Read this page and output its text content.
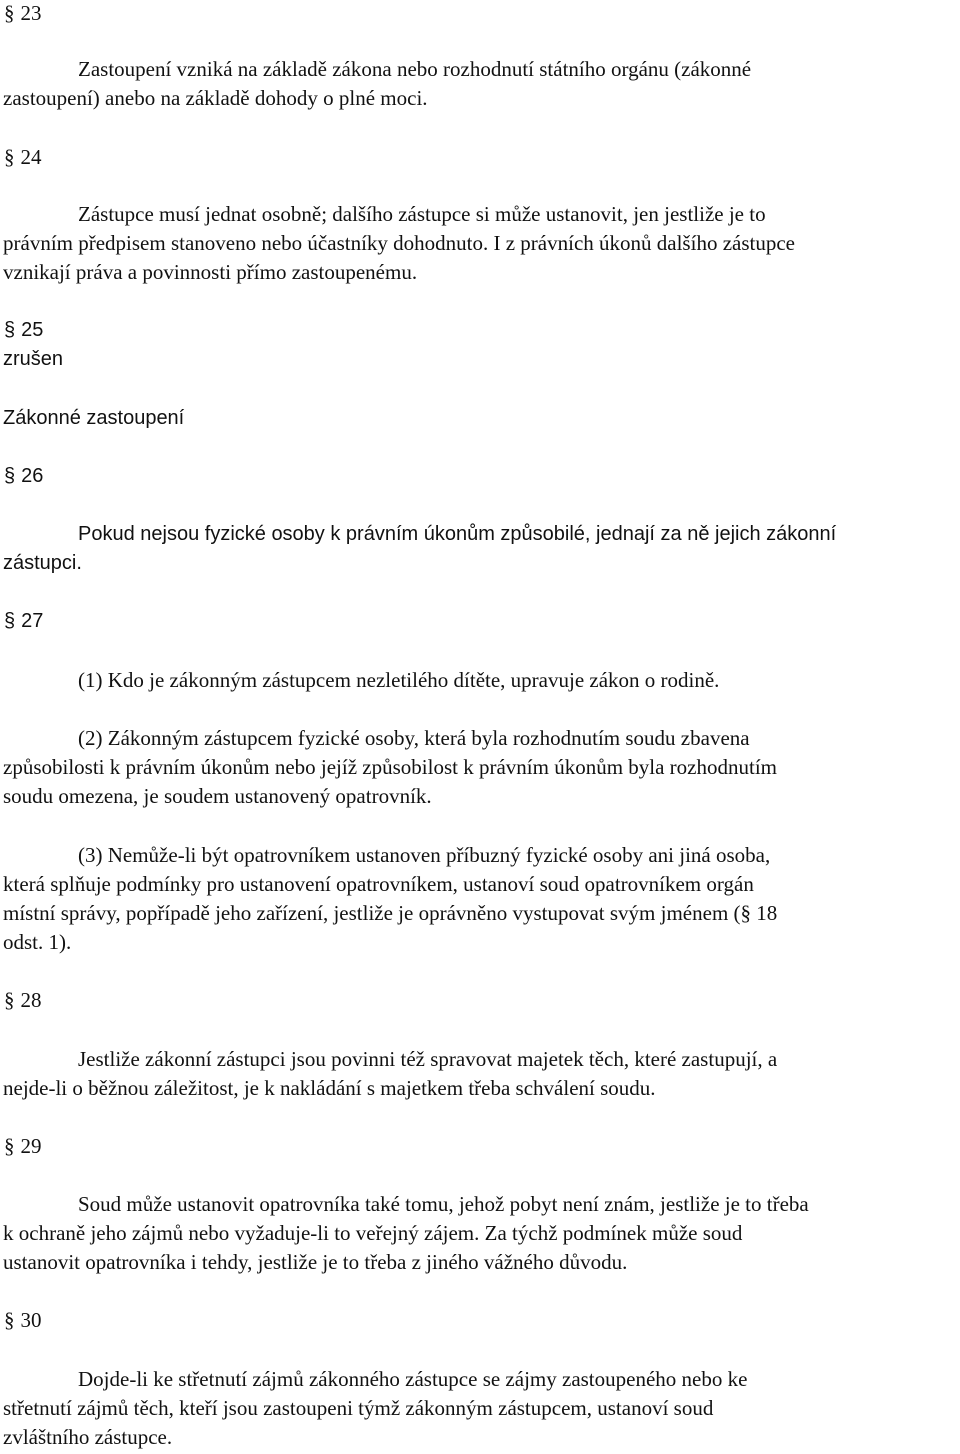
§ 23

Zastoupení vzniká na základě zákona nebo rozhodnutí státního orgánu (zákonné

zastoupení) anebo na základě dohody o plné moci.

§ 24

Zástupce musí jednat osobně; dalšího zástupce si může ustanovit, jen jestliže je to

právním předpisem stanoveno nebo účastníky dohodnuto. I z právních úkonů dalšího zástupce

vznikají práva a povinnosti přímo zastoupenému.

§ 25

zrušen

Zákonné zastoupení

§ 26

Pokud nejsou fyzické osoby k právním úkonům způsobilé, jednají za ně jejich zákonní

zástupci.

§ 27

(1) Kdo je zákonným zástupcem nezletilého dítěte, upravuje zákon o rodině.

(2) Zákonným zástupcem fyzické osoby, která byla rozhodnutím soudu zbavena

způsobilosti k právním úkonům nebo jejíž způsobilost k právním úkonům byla rozhodnutím

soudu omezena, je soudem ustanovený opatrovník.

(3) Nemůže-li být opatrovníkem ustanoven příbuzný fyzické osoby ani jiná osoba,

která splňuje podmínky pro ustanovení opatrovníkem, ustanoví soud opatrovníkem orgán

místní správy, popřípadě jeho zařízení, jestliže je oprávněno vystupovat svým jménem (§ 18

odst. 1).

§ 28

Jestliže zákonní zástupci jsou povinni též spravovat majetek těch, které zastupují, a

nejde-li o běžnou záležitost, je k nakládání s majetkem třeba schválení soudu.

§ 29

Soud může ustanovit opatrovníka také tomu, jehož pobyt není znám, jestliže je to třeba

k ochraně jeho zájmů nebo vyžaduje-li to veřejný zájem. Za týchž podmínek může soud

ustanovit opatrovníka i tehdy, jestliže je to třeba z jiného vážného důvodu.

§ 30

Dojde-li ke střetnutí zájmů zákonného zástupce se zájmy zastoupeného nebo ke

střetnutí zájmů těch, kteří jsou zastoupeni týmž zákonným zástupcem, ustanoví soud

zvláštního zástupce.
